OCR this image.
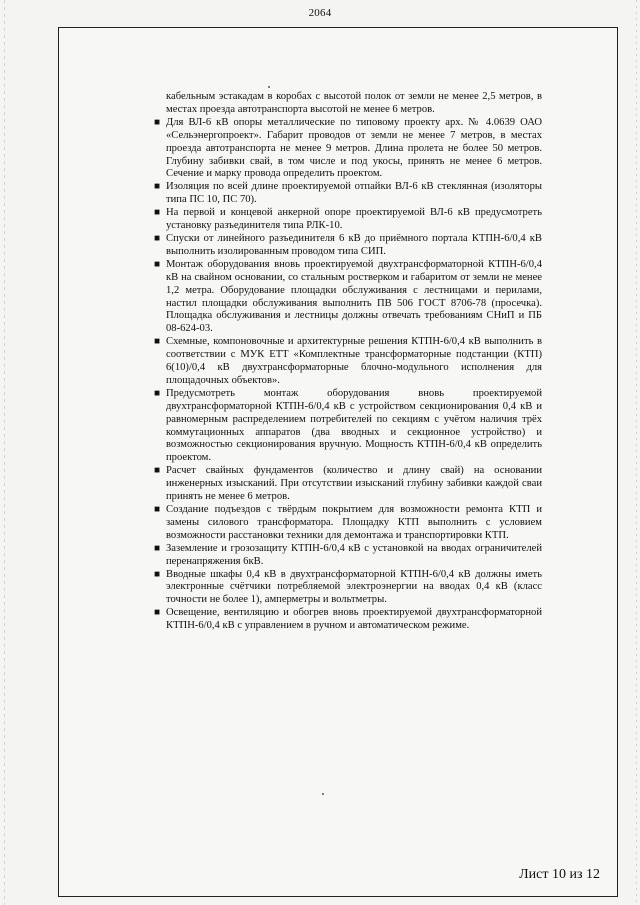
2064

кабельным эстакадам в коробах с высотой полок от земли не менее 2,5 метров, в местах проезда автотранспорта высотой не менее 6 метров.

■ Для ВЛ-6 кВ опоры металлические по типовому проекту арх. № 4.0639 ОАО «Сельэнергопроект». Габарит проводов от земли не менее 7 метров, в местах проезда автотранспорта не менее 9 метров. Длина пролета не более 50 метров. Глубину забивки свай, в том числе и под укосы, принять не менее 6 метров. Сечение и марку провода определить проектом.
■ Изоляция по всей длине проектируемой отпайки ВЛ-6 кВ стеклянная (изоляторы типа ПС 10, ПС 70).
■ На первой и концевой анкерной опоре проектируемой ВЛ-6 кВ предусмотреть установку разъединителя типа РЛК-10.
■ Спуски от линейного разъединителя 6 кВ до приёмного портала КТПН-6/0,4 кВ выполнить изолированным проводом типа СИП.
■ Монтаж оборудования вновь проектируемой двухтрансформаторной КТПН-6/0,4 кВ на свайном основании, со стальным ростверком и габаритом от земли не менее 1,2 метра. Оборудование площадки обслуживания с лестницами и перилами, настил площадки обслуживания выполнить ПВ 506 ГОСТ 8706-78 (просечка). Площадка обслуживания и лестницы должны отвечать требованиям СНиП и ПБ 08-624-03.
■ Схемные, компоновочные и архитектурные решения КТПН-6/0,4 кВ выполнить в соответствии с МУК ЕТТ «Комплектные трансформаторные подстанции (КТП) 6(10)/0,4 кВ двухтрансформаторные блочно-модульного исполнения для площадочных объектов».
■ Предусмотреть монтаж оборудования вновь проектируемой двухтрансформаторной КТПН-6/0,4 кВ с устройством секционирования 0,4 кВ и равномерным распределением потребителей по секциям с учётом наличия трёх коммутационных аппаратов (два вводных и секционное устройство) и возможностью секционирования вручную. Мощность КТПН-6/0,4 кВ определить проектом.
■ Расчет свайных фундаментов (количество и длину свай) на основании инженерных изысканий. При отсутствии изысканий глубину забивки каждой сваи принять не менее 6 метров.
■ Создание подъездов с твёрдым покрытием для возможности ремонта КТП и замены силового трансформатора. Площадку КТП выполнить с условием возможности расстановки техники для демонтажа и транспортировки КТП.
■ Заземление и грозозащиту КТПН-6/0,4 кВ с установкой на вводах ограничителей перенапряжения 6кВ.
■ Вводные шкафы 0,4 кВ в двухтрансформаторной КТПН-6/0,4 кВ должны иметь электронные счётчики потребляемой электроэнергии на вводах 0,4 кВ (класс точности не более 1), амперметры и вольтметры.
■ Освещение, вентиляцию и обогрев вновь проектируемой двухтрансформаторной КТПН-6/0,4 кВ с управлением в ручном и автоматическом режиме.
Лист 10 из 12
